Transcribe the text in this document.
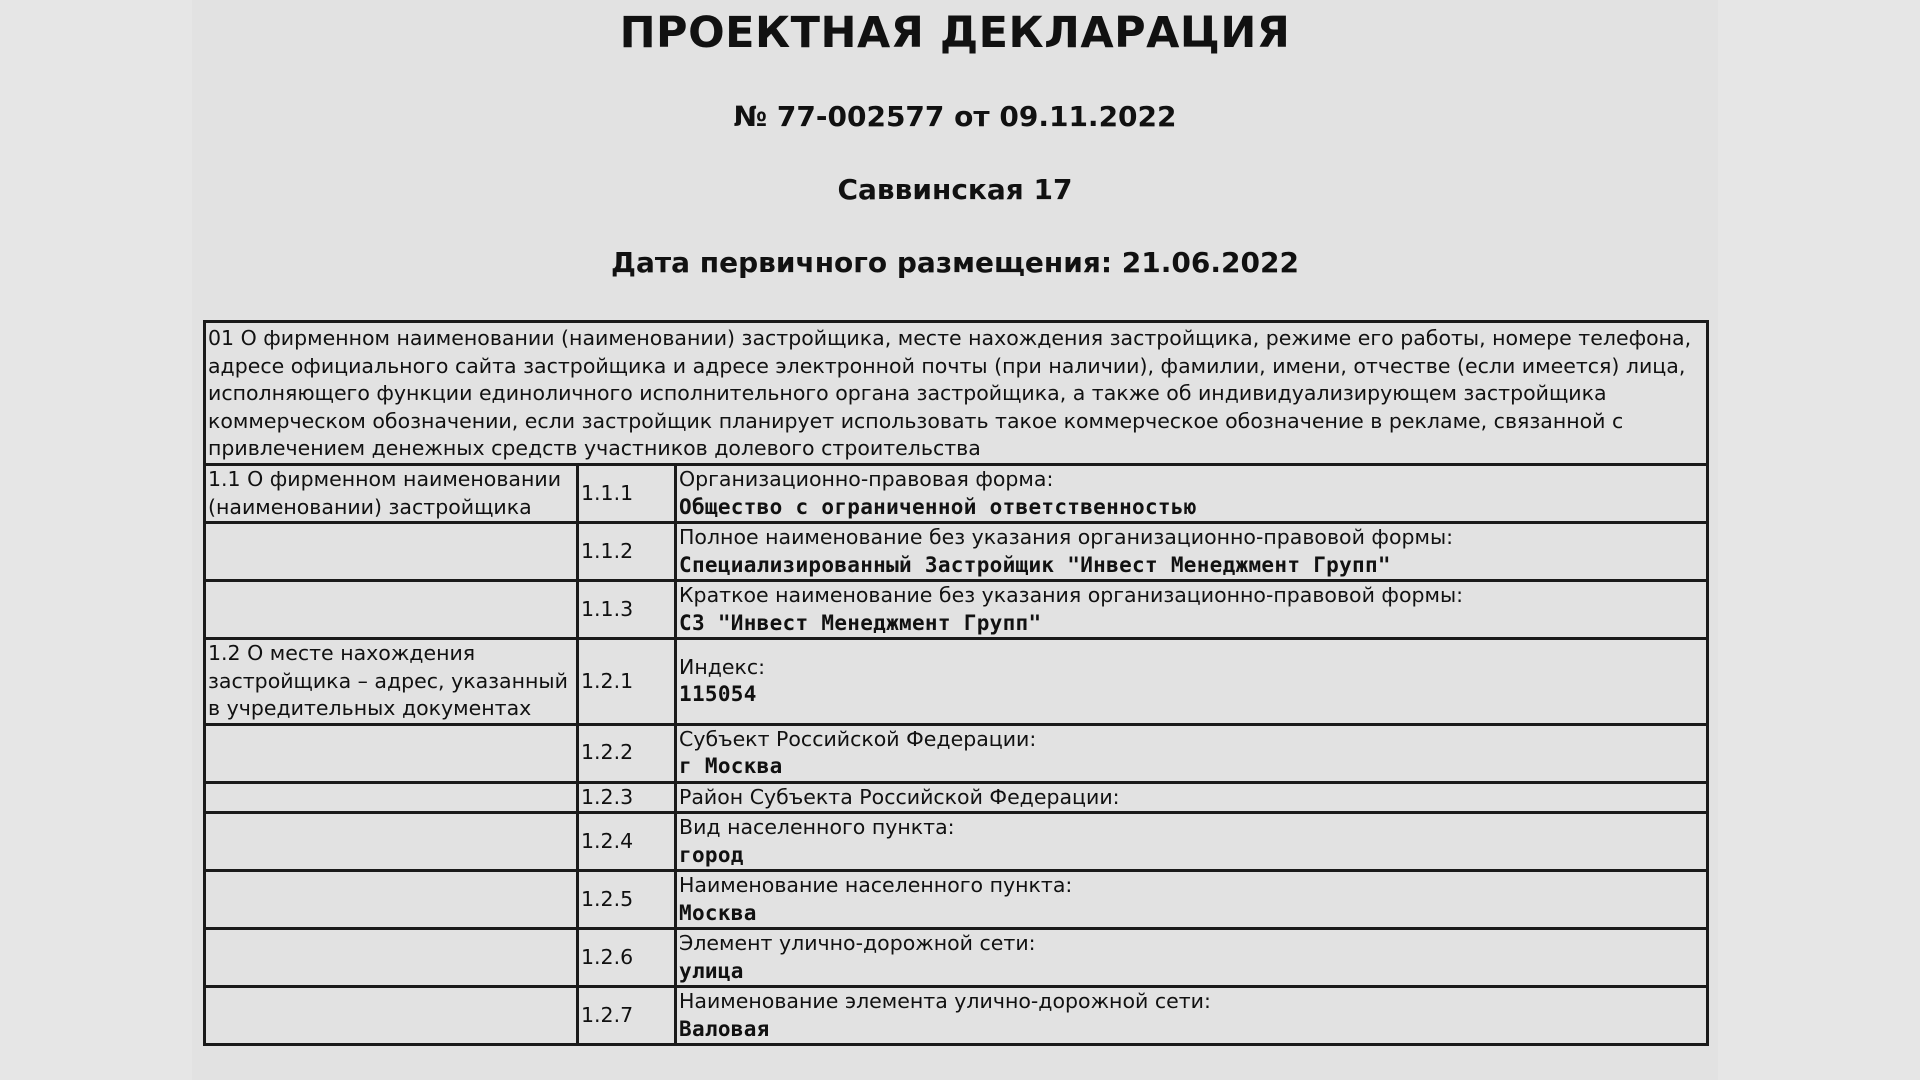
ПРОЕКТНАЯ ДЕКЛАРАЦИЯ
№ 77-002577 от 09.11.2022
Саввинская 17
Дата первичного размещения: 21.06.2022
01 О фирменном наименовании (наименовании) застройщика, месте нахождения застройщика, режиме его работы, номере телефона, адресе официального сайта застройщика и адресе электронной почты (при наличии), фамилии, имени, отчестве (если имеется) лица, исполняющего функции единоличного исполнительного органа застройщика, а также об индивидуализирующем застройщика коммерческом обозначении, если застройщик планирует использовать такое коммерческое обозначение в рекламе, связанной с привлечением денежных средств участников долевого строительства		
1.1 О фирменном наименовании (наименовании) застройщика	1.1.1	Организационно-правовая форма:
Общество с ограниченной ответственностью

	1.1.2	Полное наименование без указания организационно-правовой формы:
Специализированный Застройщик "Инвест Менеджмент Групп"

	1.1.3	Краткое наименование без указания организационно-правовой формы:
СЗ "Инвест Менеджмент Групп"

1.2 О месте нахождения застройщика – адрес, указанный в учредительных документах	1.2.1	Индекс:
115054

	1.2.2	Субъект Российской Федерации:
г Москва

	1.2.3	Район Субъекта Российской Федерации:

	1.2.4	Вид населенного пункта:
город

	1.2.5	Наименование населенного пункта:
Москва

	1.2.6	Элемент улично-дорожной сети:
улица

	1.2.7	Наименование элемента улично-дорожной сети:
Валовая
